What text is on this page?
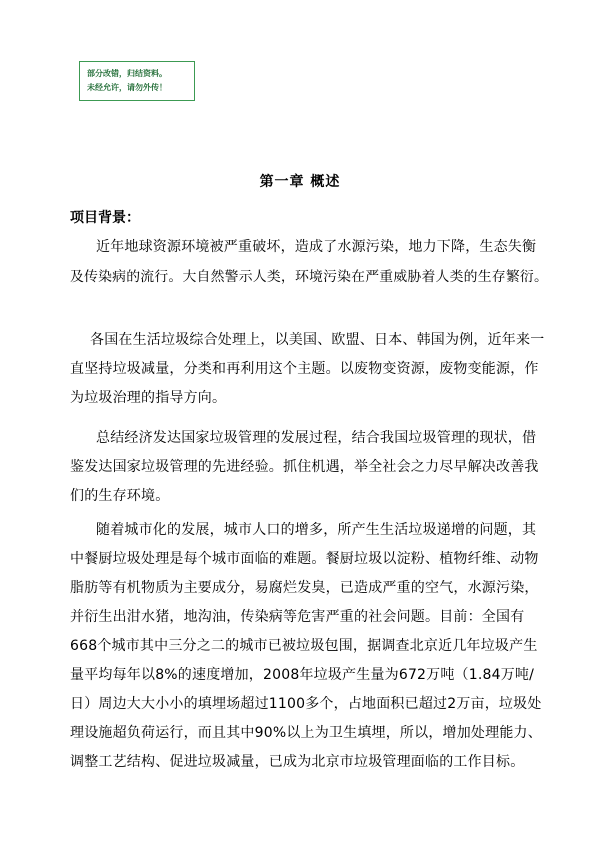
部分改错，归结资料。
未经允许，请勿外传！
第一章 概述
项目背景：
近年地球资源环境被严重破坏，造成了水源污染，地力下降，生态失衡
及传染病的流行。大自然警示人类，环境污染在严重威胁着人类的生存繁衍。
各国在生活垃圾综合处理上，以美国、欧盟、日本、韩国为例，近年来一
直坚持垃圾减量，分类和再利用这个主题。以废物变资源，废物变能源，作
为垃圾治理的指导方向。
总结经济发达国家垃圾管理的发展过程，结合我国垃圾管理的现状，借
鉴发达国家垃圾管理的先进经验。抓住机遇，举全社会之力尽早解决改善我
们的生存环境。
随着城市化的发展，城市人口的增多，所产生生活垃圾递增的问题，其
中餐厨垃圾处理是每个城市面临的难题。餐厨垃圾以淀粉、植物纤维、动物
脂肪等有机物质为主要成分，易腐烂发臭，已造成严重的空气，水源污染，
并衍生出泔水猪，地沟油，传染病等危害严重的社会问题。目前：全国有
668个城市其中三分之二的城市已被垃圾包围，据调查北京近几年垃圾产生
量平均每年以8%的速度增加，2008年垃圾产生量为672万吨（1.84万吨/
日）周边大大小小的填埋场超过1100多个，占地面积已超过2万亩，垃圾处
理设施超负荷运行，而且其中90%以上为卫生填埋，所以，增加处理能力、
调整工艺结构、促进垃圾减量，已成为北京市垃圾管理面临的工作目标。
